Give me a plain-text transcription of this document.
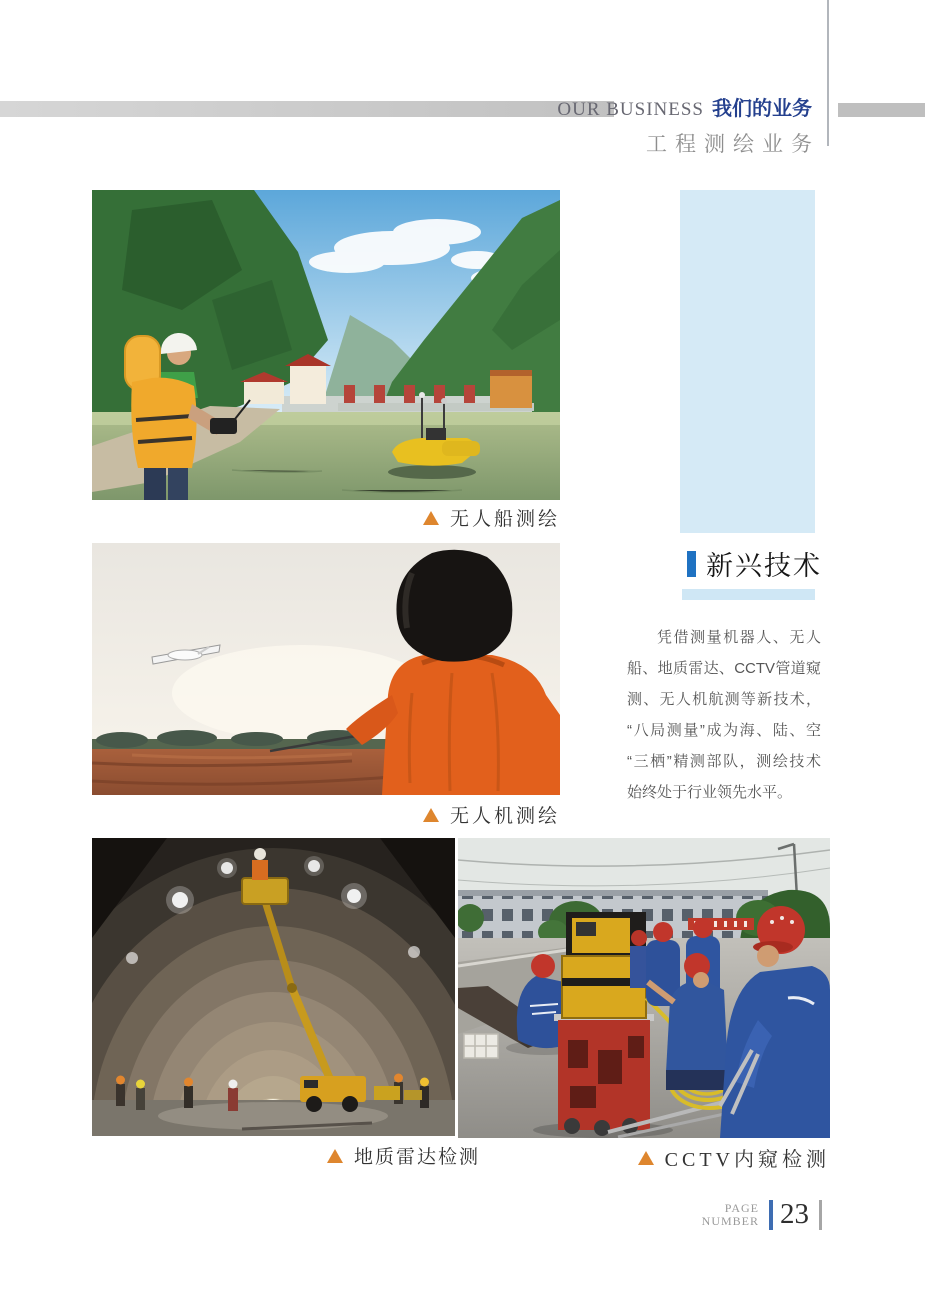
OUR BUSINESS 我们的业务
工程测绘业务
无人船测绘
无人机测绘
地质雷达检测	CCTV内窥检测
新兴技术
凭借测量机器人、无人
船、地质雷达、CCTV管道窥
测、无人机航测等新技术，
“八局测量”成为海、陆、空
“三栖”精测部队，测绘技术
始终处于行业领先水平。
PAGE
NUMBER 23
